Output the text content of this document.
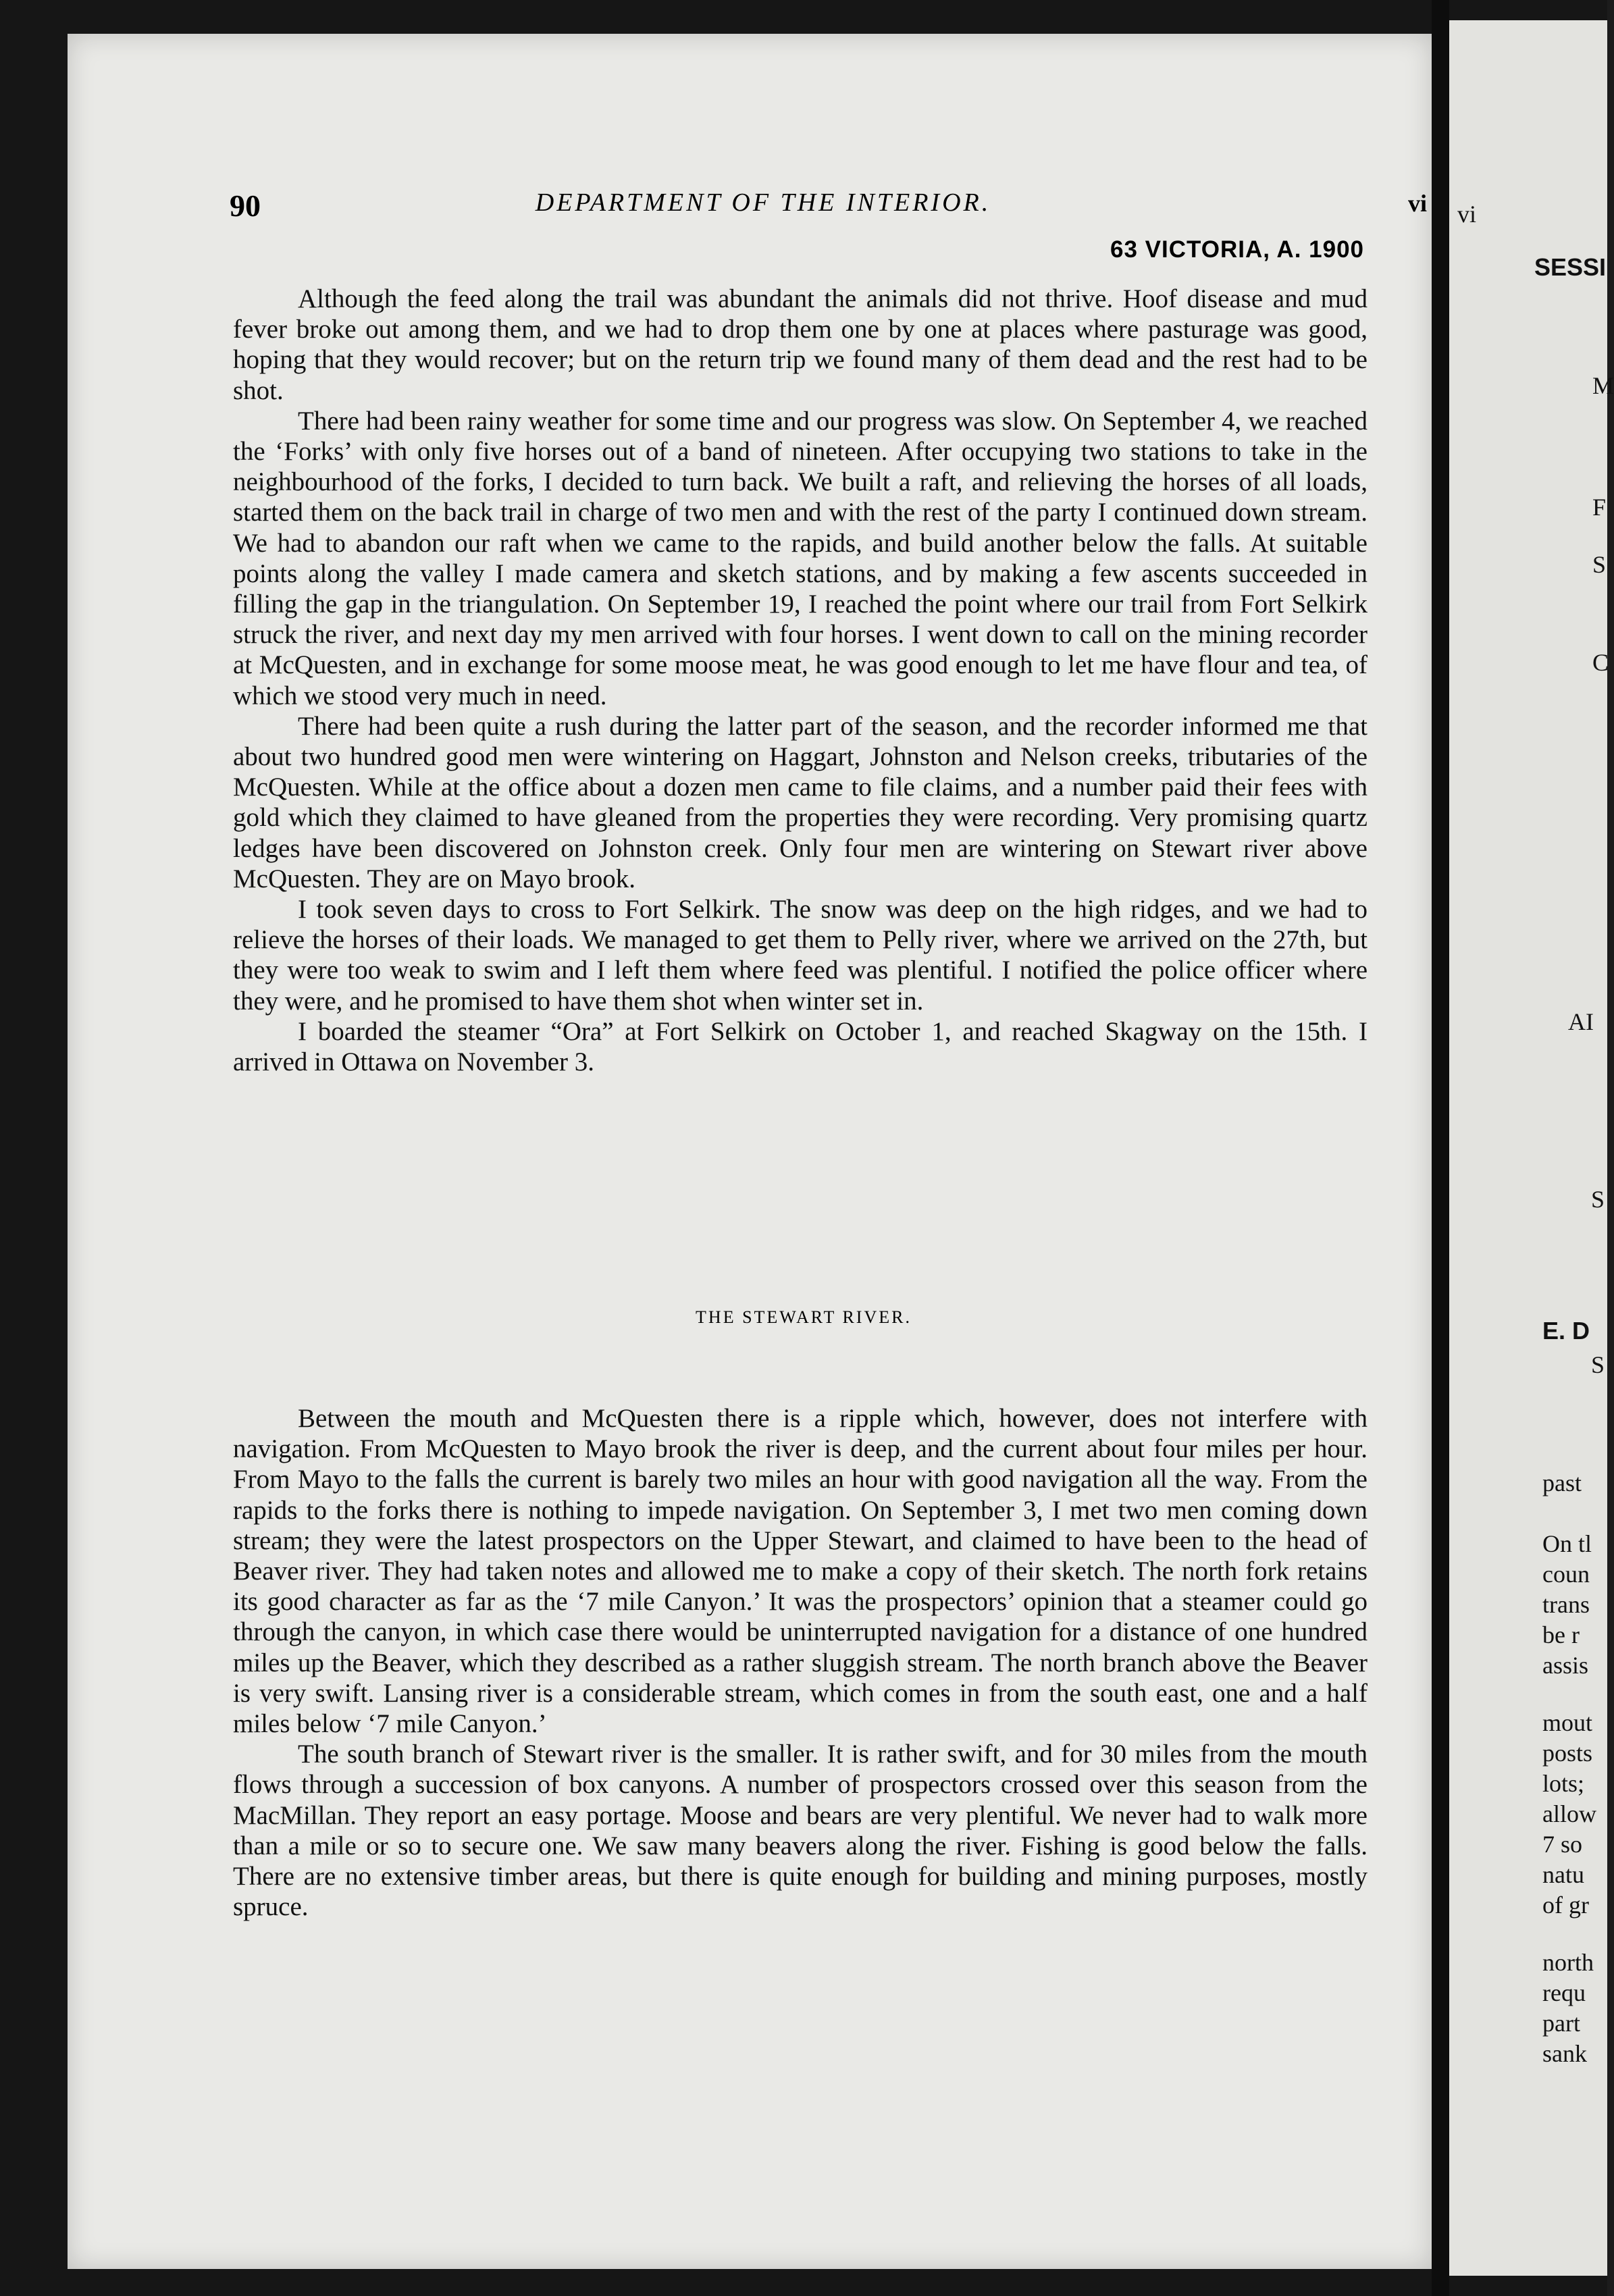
90	DEPARTMENT OF THE INTERIOR.	vi
63 VICTORIA, A. 1900

Although the feed along the trail was abundant the animals did not thrive. Hoof disease and mud fever broke out among them, and we had to drop them one by one at places where pasturage was good, hoping that they would recover; but on the return trip we found many of them dead and the rest had to be shot.

There had been rainy weather for some time and our progress was slow. On September 4, we reached the ‘Forks’ with only five horses out of a band of nineteen. After occupying two stations to take in the neighbourhood of the forks, I decided to turn back. We built a raft, and relieving the horses of all loads, started them on the back trail in charge of two men and with the rest of the party I continued down stream. We had to abandon our raft when we came to the rapids, and build another below the falls. At suitable points along the valley I made camera and sketch stations, and by making a few ascents succeeded in filling the gap in the triangulation. On September 19, I reached the point where our trail from Fort Selkirk struck the river, and next day my men arrived with four horses. I went down to call on the mining recorder at McQuesten, and in exchange for some moose meat, he was good enough to let me have flour and tea, of which we stood very much in need.

There had been quite a rush during the latter part of the season, and the recorder informed me that about two hundred good men were wintering on Haggart, Johnston and Nelson creeks, tributaries of the McQuesten. While at the office about a dozen men came to file claims, and a number paid their fees with gold which they claimed to have gleaned from the properties they were recording. Very promising quartz ledges have been discovered on Johnston creek. Only four men are wintering on Stewart river above McQuesten. They are on Mayo brook.

I took seven days to cross to Fort Selkirk. The snow was deep on the high ridges, and we had to relieve the horses of their loads. We managed to get them to Pelly river, where we arrived on the 27th, but they were too weak to swim and I left them where feed was plentiful. I notified the police officer where they were, and he promised to have them shot when winter set in.

I boarded the steamer “Ora” at Fort Selkirk on October 1, and reached Skagway on the 15th. I arrived in Ottawa on November 3.

THE STEWART RIVER.

Between the mouth and McQuesten there is a ripple which, however, does not interfere with navigation. From McQuesten to Mayo brook the river is deep, and the current about four miles per hour. From Mayo to the falls the current is barely two miles an hour with good navigation all the way. From the rapids to the forks there is nothing to impede navigation. On September 3, I met two men coming down stream; they were the latest prospectors on the Upper Stewart, and claimed to have been to the head of Beaver river. They had taken notes and allowed me to make a copy of their sketch. The north fork retains its good character as far as the ‘7 mile Canyon.’ It was the prospectors’ opinion that a steamer could go through the canyon, in which case there would be uninterrupted navigation for a distance of one hundred miles up the Beaver, which they described as a rather sluggish stream. The north branch above the Beaver is very swift. Lansing river is a considerable stream, which comes in from the south east, one and a half miles below ‘7 mile Canyon.’

The south branch of Stewart river is the smaller. It is rather swift, and for 30 miles from the mouth flows through a succession of box canyons. A number of prospectors crossed over this season from the MacMillan. They report an easy portage. Moose and bears are very plentiful. We never had to walk more than a mile or so to secure one. We saw many beavers along the river. Fishing is good below the falls. There are no extensive timber areas, but there is quite enough for building and mining purposes, mostly spruce.

vi
SESSI
M
F
S
C
AI
S
E. D
S
past
On tl
coun
trans
be r
assis
mout
posts
lots;
allow
7 so
natu
of gr
north
requ
part
sank
